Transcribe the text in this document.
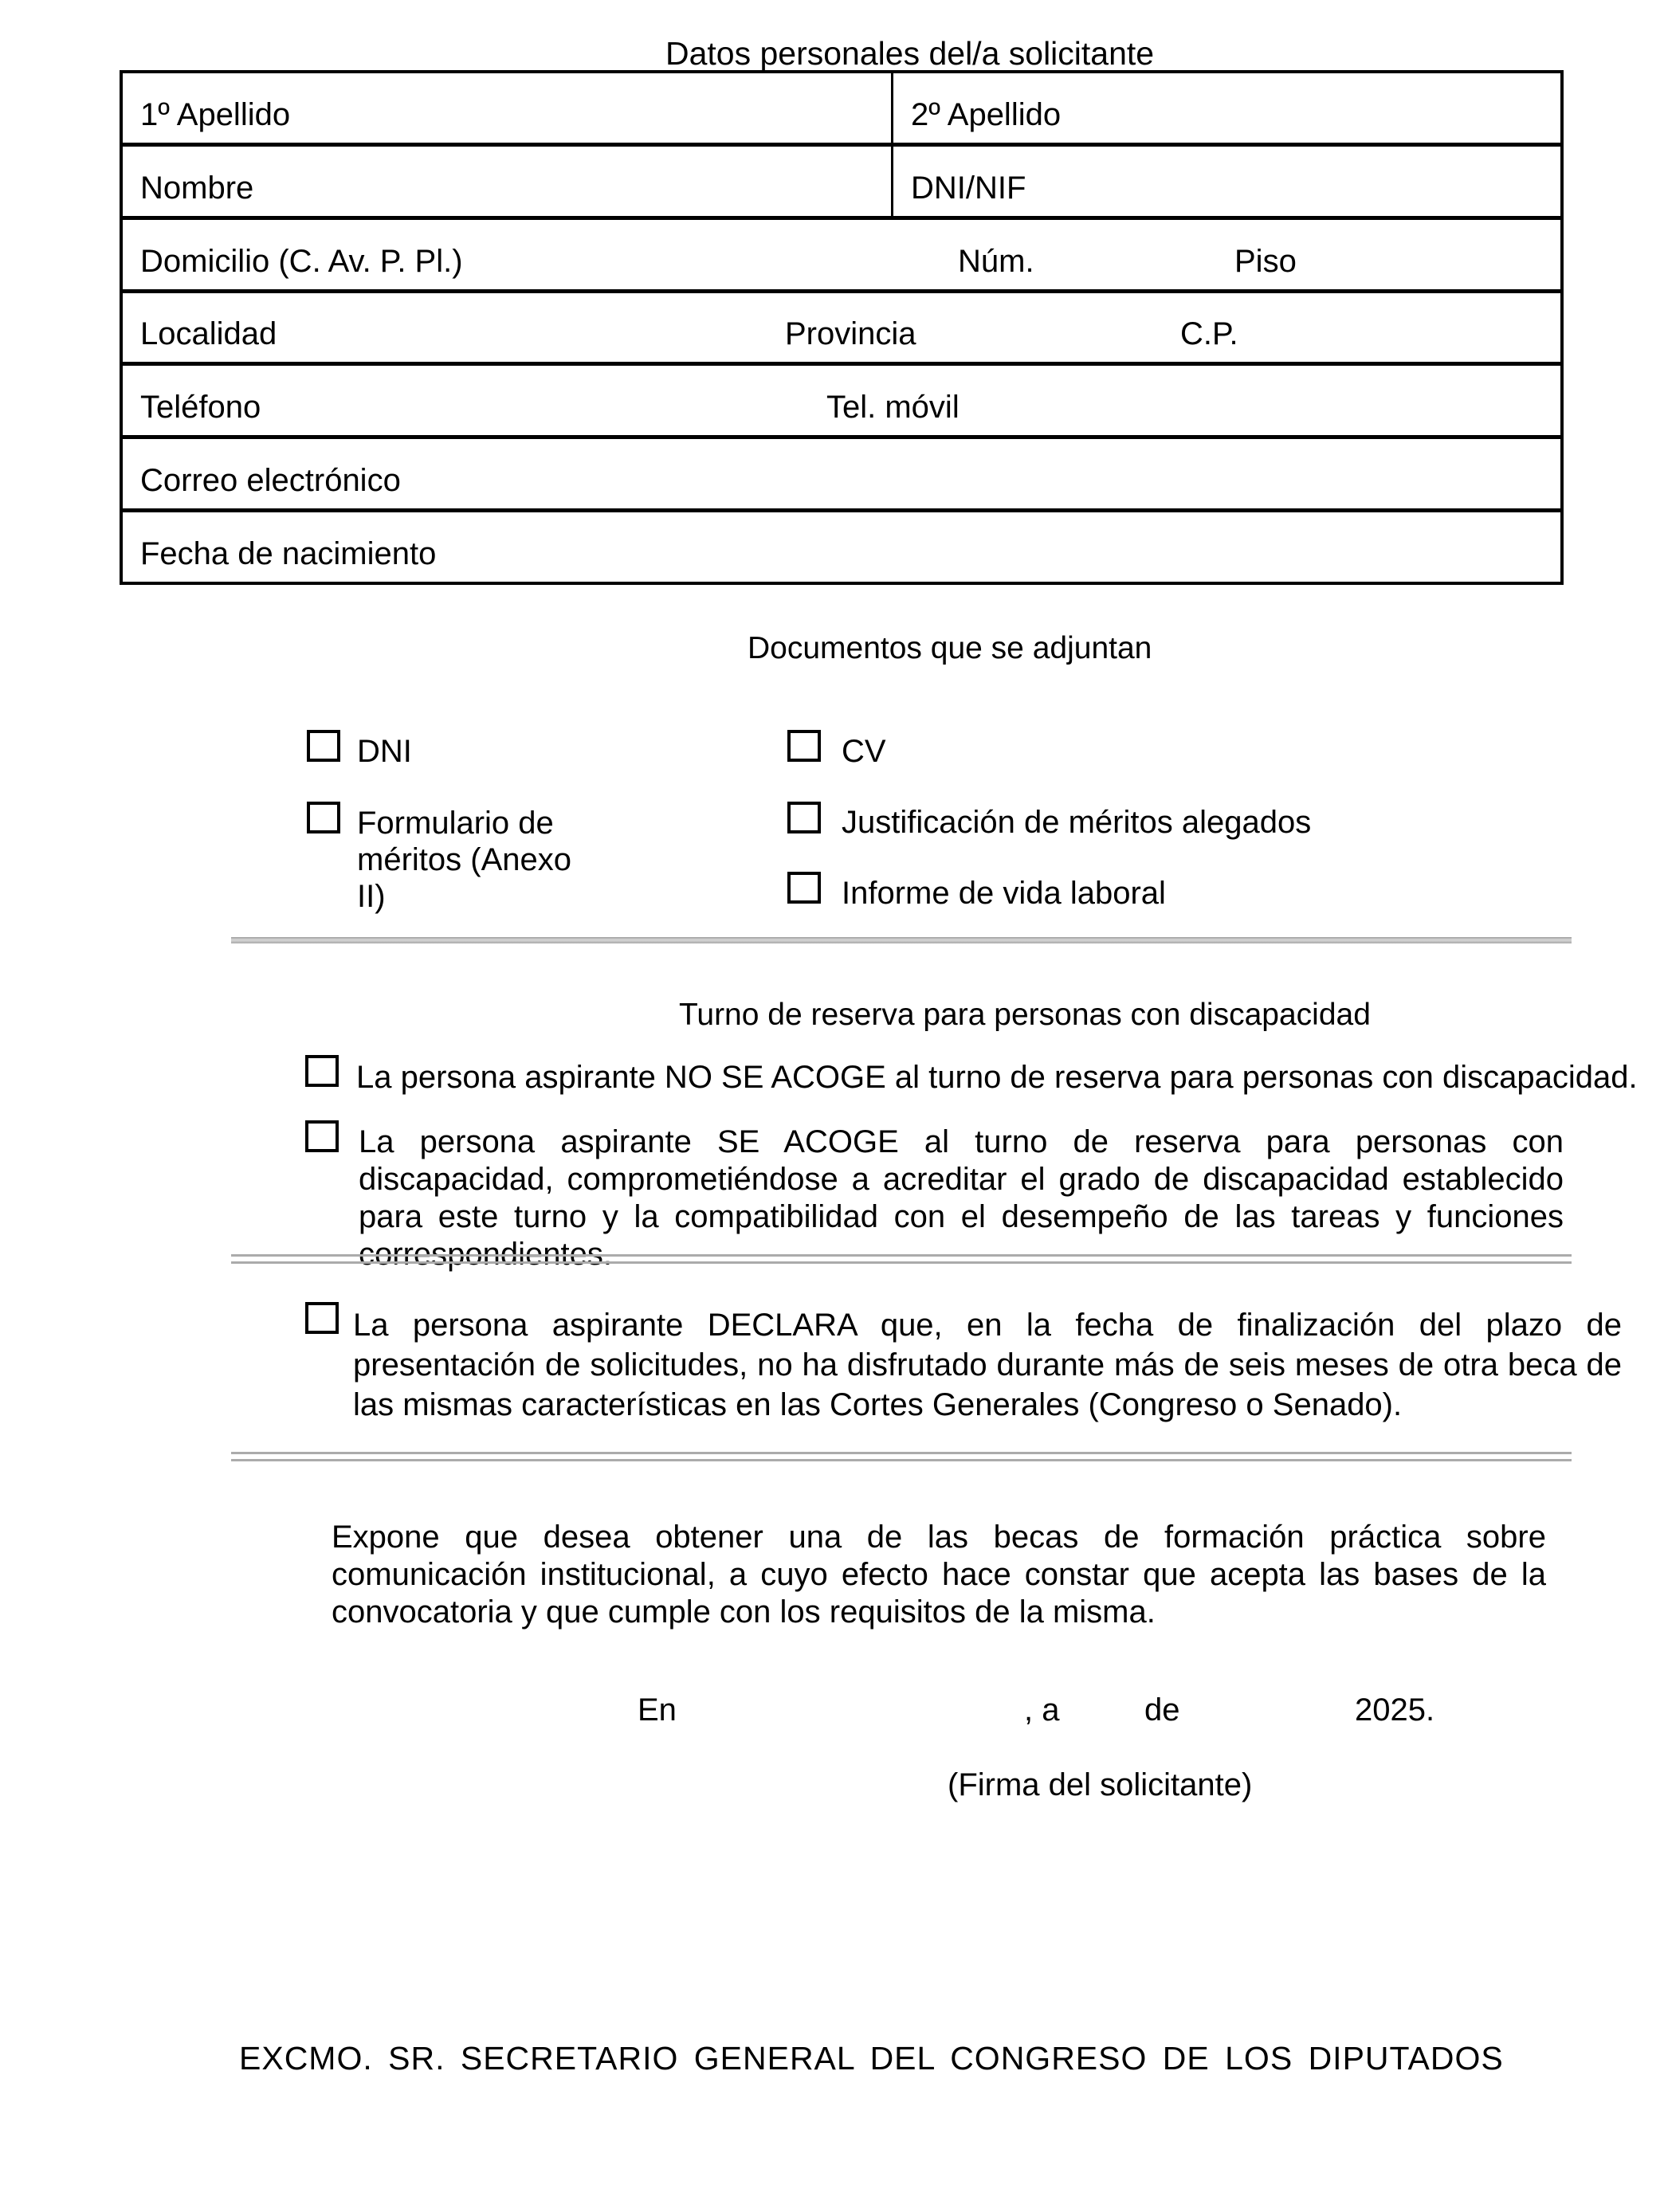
Datos personales del/a solicitante
1º Apellido	2º Apellido
Nombre	DNI/NIF
Domicilio (C. Av. P. Pl.)	Núm.	Piso
Localidad	Provincia	C.P.
Teléfono	Tel. móvil
Correo electrónico
Fecha de nacimiento
Documentos que se adjuntan
DNI	CV
Formulario de méritos (Anexo II)
Justificación de méritos alegados
Informe de vida laboral
Turno de reserva para personas con discapacidad
La persona aspirante NO SE ACOGE al turno de reserva para personas con discapacidad.
La persona aspirante SE ACOGE al turno de reserva para personas con discapacidad, comprometiéndose a acreditar el grado de discapacidad establecido para este turno y la compatibilidad con el desempeño de las tareas y funciones correspondientes.
La persona aspirante DECLARA que, en la fecha de finalización del plazo de presentación de solicitudes, no ha disfrutado durante más de seis meses de otra beca de las mismas características en las Cortes Generales (Congreso o Senado).
Expone que desea obtener una de las becas de formación práctica sobre comunicación institucional, a cuyo efecto hace constar que acepta las bases de la convocatoria y que cumple con los requisitos de la misma.
En	, a	de	2025.
(Firma del solicitante)
EXCMO. SR. SECRETARIO GENERAL DEL CONGRESO DE LOS DIPUTADOS
